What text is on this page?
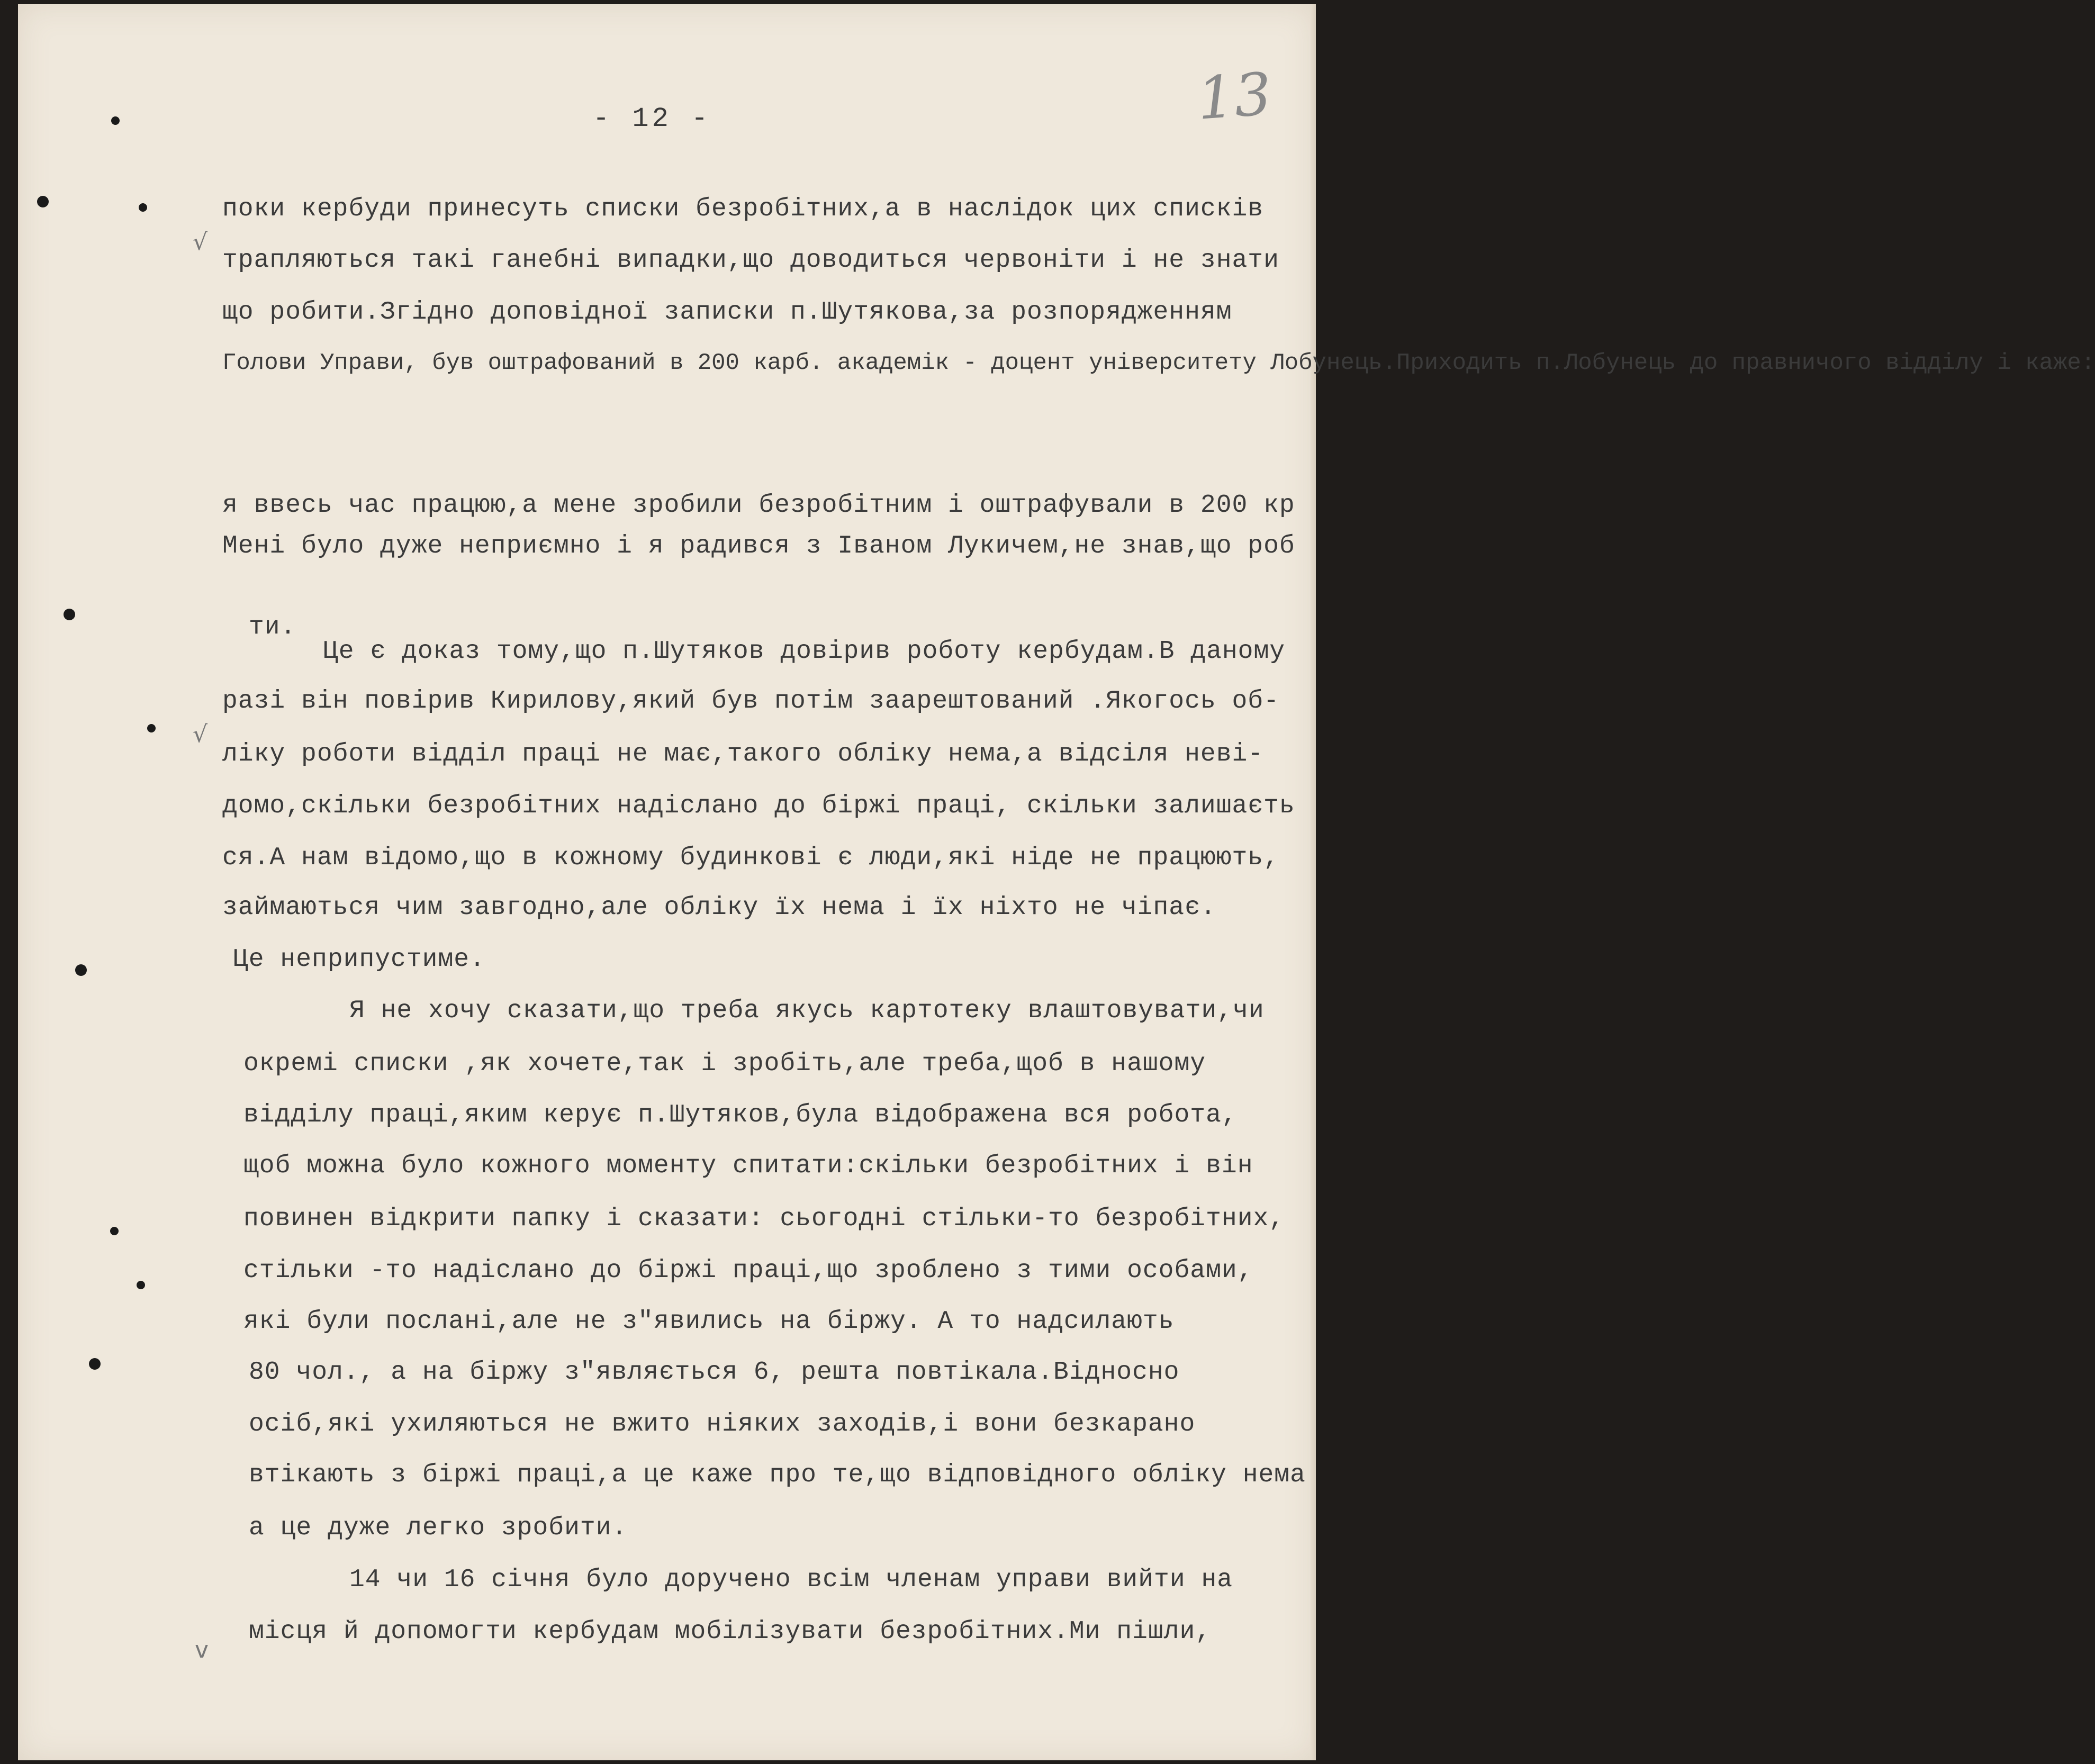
- 12 -	13
√
√
v
поки кербуди принесуть списки безробітних,а в наслідок цих списків
трапляються такі ганебні випадки,що доводиться червоніти і не знати
що робити.Згідно доповідної записки п.Шутякова,за розпорядженням
Голови Управи, був оштрафований в 200 карб. академік - доцент університету Лобунець.Приходить п.Лобунець до правничого відділу і каже:
я ввесь час працюю,а мене зробили безробітним і оштрафували в 200 кр
Мені було дуже неприємно і я радився з Іваном Лукичем,не знав,що роб
ти.
Це є доказ тому,що п.Шутяков довірив роботу кербудам.В даному
разі він повірив Кирилову,який був потім заарештований .Якогось об-
ліку роботи відділ праці не має,такого обліку нема,а відсіля неві-
домо,скільки безробітних надіслано до біржі праці, скільки залишаєть
ся.А нам відомо,що в кожному будинкові є люди,які ніде не працюють,
займаються чим завгодно,але обліку їх нема і їх ніхто не чіпає.
Це неприпустиме.
Я не хочу сказати,що треба якусь картотеку влаштовувати,чи
окремі списки ,як хочете,так і зробіть,але треба,щоб в нашому
відділу праці,яким керує п.Шутяков,була відображена вся робота,
щоб можна було кожного моменту спитати:скільки безробітних і він
повинен відкрити папку і сказати: сьогодні стільки-то безробітних,
стільки -то надіслано до біржі праці,що зроблено з тими особами,
які були послані,але не з"явились на біржу. А то надсилають
80 чол., а на біржу з"являється 6, решта повтікала.Відносно
осіб,які ухиляються не вжито ніяких заходів,і вони безкарано
втікають з біржі праці,а це каже про те,що відповідного обліку нема
а це дуже легко зробити.
14 чи 16 січня було доручено всім членам управи вийти на
місця й допомогти кербудам мобілізувати безробітних.Ми пішли,
